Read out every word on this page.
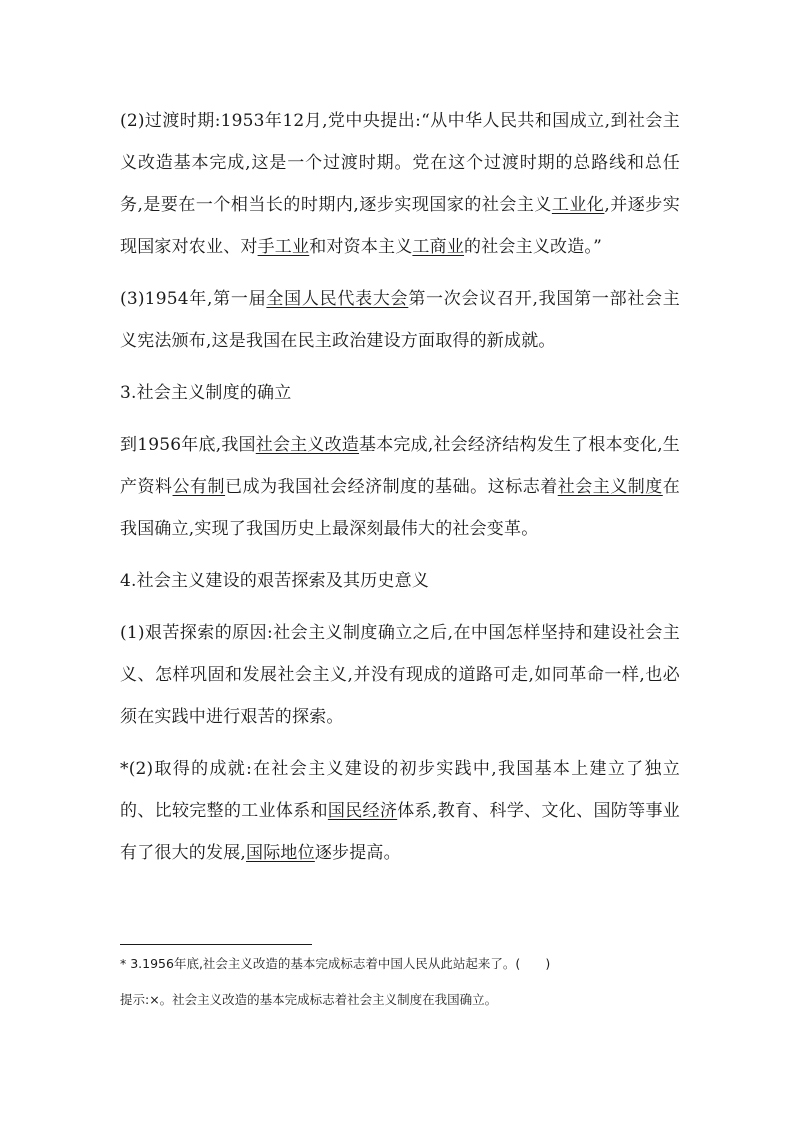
(2)过渡时期:1953年12月,党中央提出:“从中华人民共和国成立,到社会主义改造基本完成,这是一个过渡时期。党在这个过渡时期的总路线和总任务,是要在一个相当长的时期内,逐步实现国家的社会主义工业化,并逐步实现国家对农业、对手工业和对资本主义工商业的社会主义改造。”

(3)1954年,第一届全国人民代表大会第一次会议召开,我国第一部社会主义宪法颁布,这是我国在民主政治建设方面取得的新成就。

3.社会主义制度的确立

到1956年底,我国社会主义改造基本完成,社会经济结构发生了根本变化,生产资料公有制已成为我国社会经济制度的基础。这标志着社会主义制度在我国确立,实现了我国历史上最深刻最伟大的社会变革。

4.社会主义建设的艰苦探索及其历史意义

(1)艰苦探索的原因:社会主义制度确立之后,在中国怎样坚持和建设社会主义、怎样巩固和发展社会主义,并没有现成的道路可走,如同革命一样,也必须在实践中进行艰苦的探索。

*(2)取得的成就:在社会主义建设的初步实践中,我国基本上建立了独立的、比较完整的工业体系和国民经济体系,教育、科学、文化、国防等事业有了很大的发展,国际地位逐步提高。

* 3.1956年底,社会主义改造的基本完成标志着中国人民从此站起来了。(　　)

提示:×。社会主义改造的基本完成标志着社会主义制度在我国确立。
